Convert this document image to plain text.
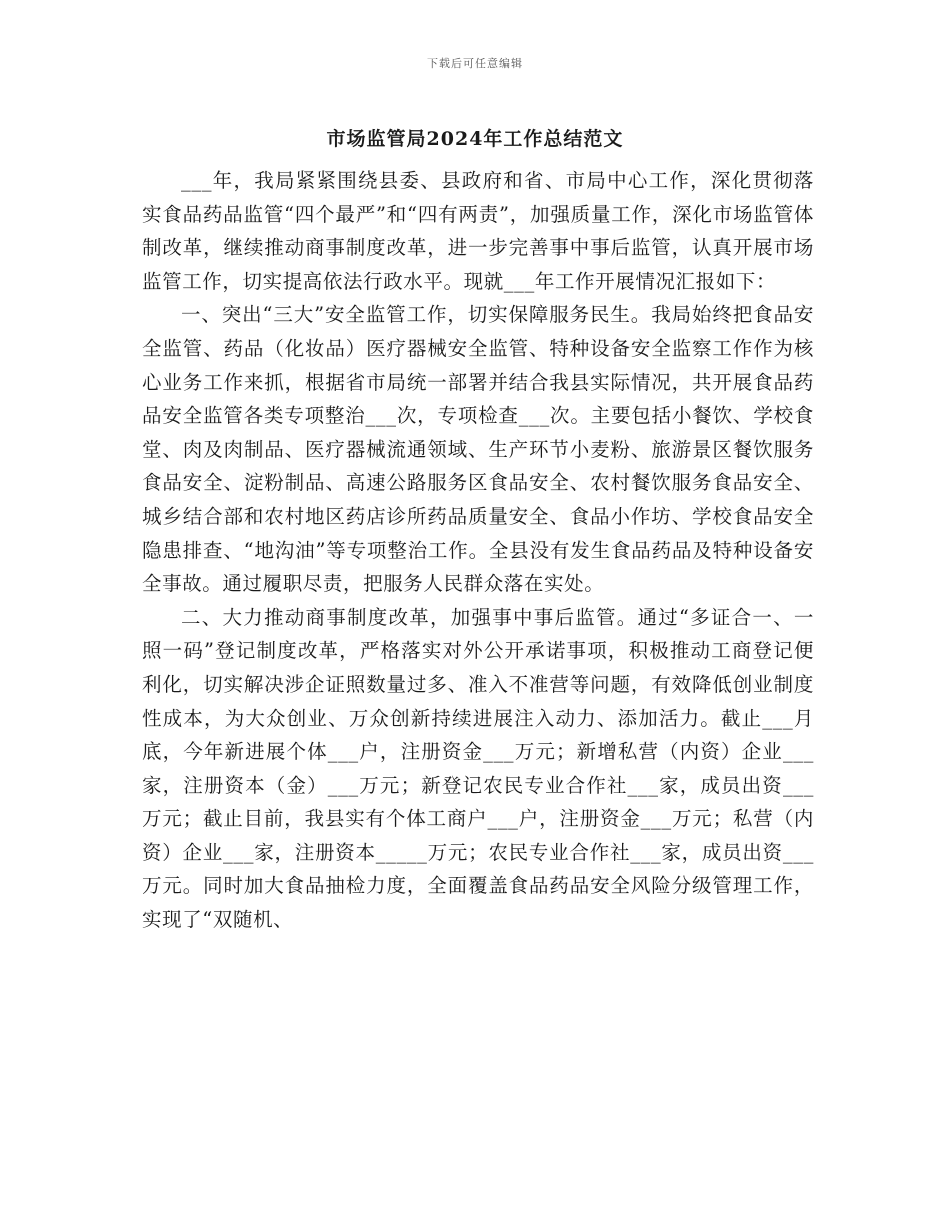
下载后可任意编辑
市场监管局2024年工作总结范文

___年，我局紧紧围绕县委、县政府和省、市局中心工作，深化贯彻落实食品药品监管“四个最严”和“四有两责”，加强质量工作，深化市场监管体制改革，继续推动商事制度改革，进一步完善事中事后监管，认真开展市场监管工作，切实提高依法行政水平。现就___年工作开展情况汇报如下：

一、突出“三大”安全监管工作，切实保障服务民生。我局始终把食品安全监管、药品（化妆品）医疗器械安全监管、特种设备安全监察工作作为核心业务工作来抓，根据省市局统一部署并结合我县实际情况，共开展食品药品安全监管各类专项整治___次，专项检查___次。主要包括小餐饮、学校食堂、肉及肉制品、医疗器械流通领域、生产环节小麦粉、旅游景区餐饮服务食品安全、淀粉制品、高速公路服务区食品安全、农村餐饮服务食品安全、城乡结合部和农村地区药店诊所药品质量安全、食品小作坊、学校食品安全隐患排查、“地沟油”等专项整治工作。全县没有发生食品药品及特种设备安全事故。通过履职尽责，把服务人民群众落在实处。

二、大力推动商事制度改革，加强事中事后监管。通过“多证合一、一照一码”登记制度改革，严格落实对外公开承诺事项，积极推动工商登记便利化，切实解决涉企证照数量过多、准入不准营等问题，有效降低创业制度性成本，为大众创业、万众创新持续进展注入动力、添加活力。截止___月底，今年新进展个体___户，注册资金___万元；新增私营（内资）企业___家，注册资本（金）___万元；新登记农民专业合作社___家，成员出资___万元；截止目前，我县实有个体工商户___户，注册资金___万元；私营（内资）企业___家，注册资本_____万元；农民专业合作社___家，成员出资___万元。同时加大食品抽检力度，全面覆盖食品药品安全风险分级管理工作，实现了“双随机、
